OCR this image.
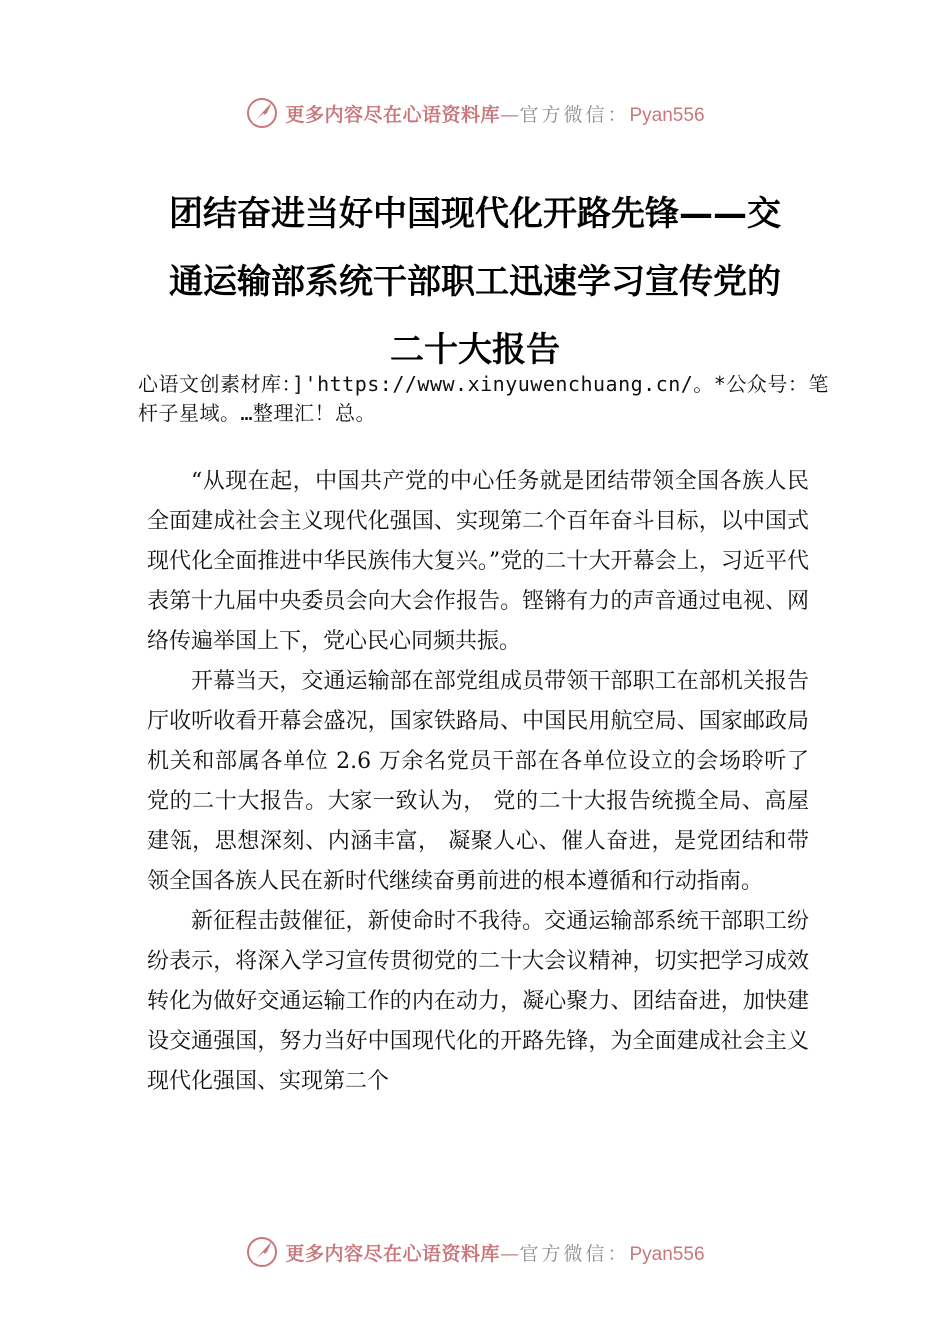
更多内容尽在心语资料库—官方微信：Pyan556
团结奋进当好中国现代化开路先锋——交
通运输部系统干部职工迅速学习宣传党的
二十大报告
心语文创素材库：]'https://www.xinyuwenchuang.cn/。*公众号：笔杆子星域。…整理汇！总。

“从现在起，中国共产党的中心任务就是团结带领全国各族人民全面建成社会主义现代化强国、实现第二个百年奋斗目标，以中国式现代化全面推进中华民族伟大复兴。”党的二十大开幕会上，习近平代表第十九届中央委员会向大会作报告。铿锵有力的声音通过电视、网络传遍举国上下，党心民心同频共振。

开幕当天，交通运输部在部党组成员带领干部职工在部机关报告厅收听收看开幕会盛况，国家铁路局、中国民用航空局、国家邮政局机关和部属各单位 2.6 万余名党员干部在各单位设立的会场聆听了党的二十大报告。大家一致认为， 党的二十大报告统揽全局、高屋建瓴，思想深刻、内涵丰富， 凝聚人心、催人奋进，是党团结和带领全国各族人民在新时代继续奋勇前进的根本遵循和行动指南。

新征程击鼓催征，新使命时不我待。交通运输部系统干部职工纷纷表示，将深入学习宣传贯彻党的二十大会议精神，切实把学习成效转化为做好交通运输工作的内在动力，凝心聚力、团结奋进，加快建设交通强国，努力当好中国现代化的开路先锋，为全面建成社会主义现代化强国、实现第二个

更多内容尽在心语资料库—官方微信：Pyan556
